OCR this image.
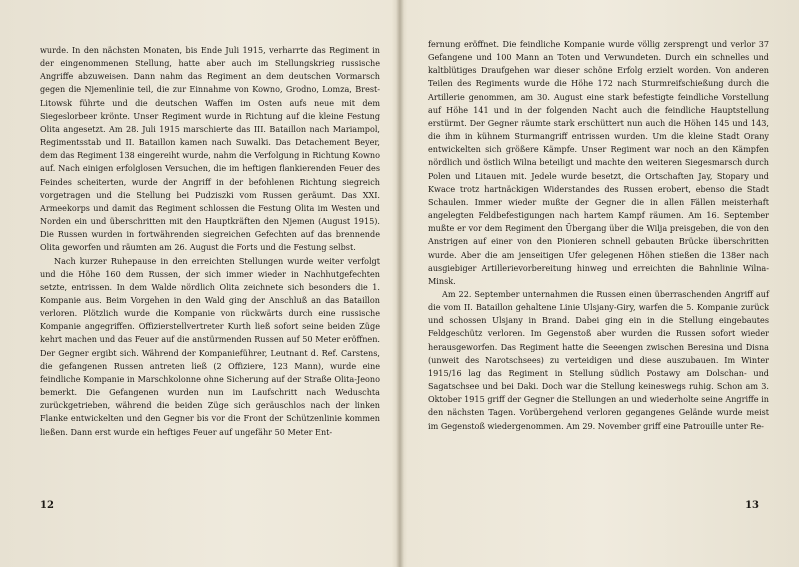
wurde. In den nächsten Monaten, bis Ende Juli 1915, verharrte das Regiment in der eingenommenen Stellung, hatte aber auch im Stellungskrieg russische Angriffe abzuweisen. Dann nahm das Regiment an dem deutschen Vormarsch gegen die Njemenlinie teil, die zur Einnahme von Kowno, Grodno, Lomza, Brest-Litowsk führte und die deutschen Waffen im Osten aufs neue mit dem Siegeslorbeer krönte. Unser Regiment wurde in Richtung auf die kleine Festung Olita angesetzt. Am 28. Juli 1915 marschierte das III. Bataillon nach Mariampol, Regimentsstab und II. Bataillon kamen nach Suwalki. Das Detachement Beyer, dem das Regiment 138 eingereiht wurde, nahm die Verfolgung in Richtung Kowno auf. Nach einigen erfolglosen Versuchen, die im heftigen flankierenden Feuer des Feindes scheiterten, wurde der Angriff in der befohlenen Richtung siegreich vorgetragen und die Stellung bei Pudziszki vom Russen geräumt. Das XXI. Armeekorps und damit das Regiment schlossen die Festung Olita im Westen und Norden ein und überschritten mit den Hauptkräften den Njemen (August 1915). Die Russen wurden in fortwährenden siegreichen Gefechten auf das brennende Olita geworfen und räumten am 26. August die Forts und die Festung selbst.

Nach kurzer Ruhepause in den erreichten Stellungen wurde weiter verfolgt und die Höhe 160 dem Russen, der sich immer wieder in Nachhutgefechten setzte, entrissen. In dem Walde nördlich Olita zeichnete sich besonders die 1. Kompanie aus. Beim Vorgehen in den Wald ging der Anschluß an das Bataillon verloren. Plötzlich wurde die Kompanie von rückwärts durch eine russische Kompanie angegriffen. Offizierstellvertreter Kurth ließ sofort seine beiden Züge kehrt machen und das Feuer auf die anstürmenden Russen auf 50 Meter eröffnen. Der Gegner ergibt sich. Während der Kompanieführer, Leutnant d. Ref. Carstens, die gefangenen Russen antreten ließ (2 Offiziere, 123 Mann), wurde eine feindliche Kompanie in Marschkolonne ohne Sicherung auf der Straße Olita-Jeono bemerkt. Die Gefangenen wurden nun im Laufschritt nach Weduschta zurückgetrieben, während die beiden Züge sich geräuschlos nach der linken Flanke entwickelten und den Gegner bis vor die Front der Schützenlinie kommen ließen. Dann erst wurde ein heftiges Feuer auf ungefähr 50 Meter Ent-

12

fernung eröffnet. Die feindliche Kompanie wurde völlig zersprengt und verlor 37 Gefangene und 100 Mann an Toten und Verwundeten. Durch ein schnelles und kaltblütiges Draufgehen war dieser schöne Erfolg erzielt worden. Von anderen Teilen des Regiments wurde die Höhe 172 nach Sturmreifschießung durch die Artillerie genommen, am 30. August eine stark befestigte feindliche Vorstellung auf Höhe 141 und in der folgenden Nacht auch die feindliche Hauptstellung erstürmt. Der Gegner räumte stark erschüttert nun auch die Höhen 145 und 143, die ihm in kühnem Sturmangriff entrissen wurden. Um die kleine Stadt Orany entwickelten sich größere Kämpfe. Unser Regiment war noch an den Kämpfen nördlich und östlich Wilna beteiligt und machte den weiteren Siegesmarsch durch Polen und Litauen mit. Jedele wurde besetzt, die Ortschaften Jay, Stopary und Kwace trotz hartnäckigen Widerstandes des Russen erobert, ebenso die Stadt Schaulen. Immer wieder mußte der Gegner die in allen Fällen meisterhaft angelegten Feldbefestigungen nach hartem Kampf räumen. Am 16. September mußte er vor dem Regiment den Übergang über die Wilja preisgeben, die von den Anstrigen auf einer von den Pionieren schnell gebauten Brücke überschritten wurde. Aber die am jenseitigen Ufer gelegenen Höhen stießen die 138er nach ausgiebiger Artillerievorbereitung hinweg und erreichten die Bahnlinie Wilna-Minsk.

Am 22. September unternahmen die Russen einen überraschenden Angriff auf die vom II. Bataillon gehaltene Linie Ulsjany-Giry, warfen die 5. Kompanie zurück und schossen Ulsjany in Brand. Dabei ging ein in die Stellung eingebautes Feldgeschütz verloren. Im Gegenstoß aber wurden die Russen sofort wieder herausgeworfen. Das Regiment hatte die Seeengen zwischen Beresina und Disna (unweit des Narotschsees) zu verteidigen und diese auszubauen. Im Winter 1915/16 lag das Regiment in Stellung südlich Postawy am Dolschan- und Sagatschsee und bei Daki. Doch war die Stellung keineswegs ruhig. Schon am 3. Oktober 1915 griff der Gegner die Stellungen an und wiederholte seine Angriffe in den nächsten Tagen. Vorübergehend verloren gegangenes Gelände wurde meist im Gegenstoß wiedergenommen. Am 29. November griff eine Patrouille unter Re-

13
